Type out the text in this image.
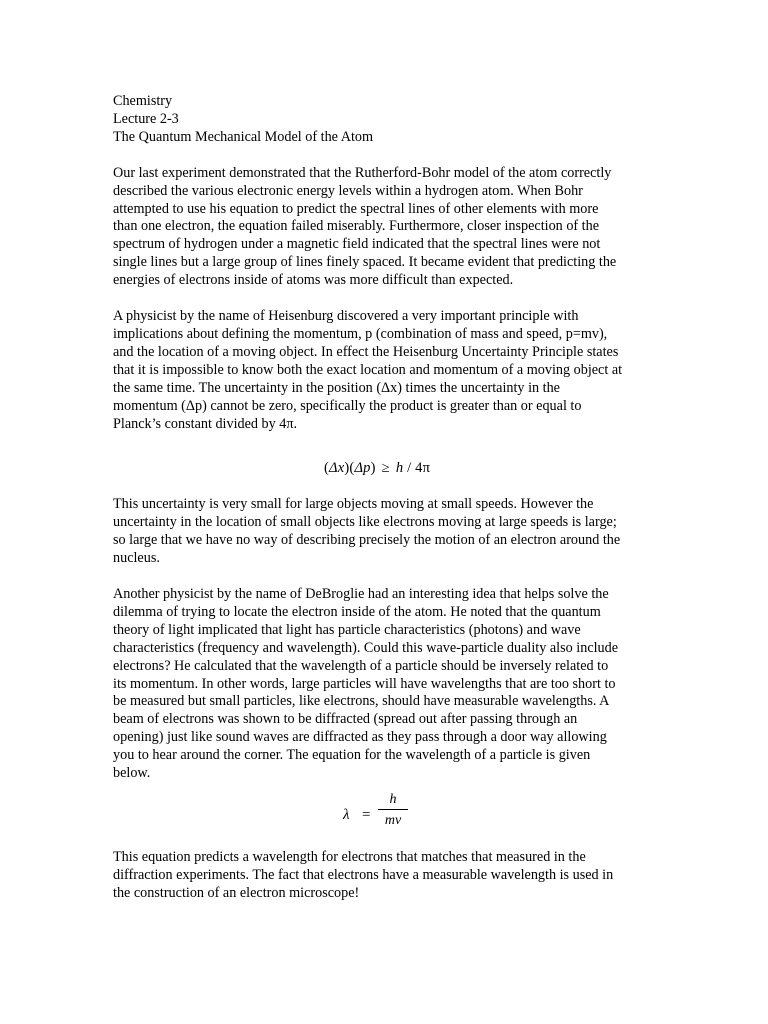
Chemistry
Lecture 2-3
The Quantum Mechanical Model of the Atom

Our last experiment demonstrated that the Rutherford-Bohr model of the atom correctly
described the various electronic energy levels within a hydrogen atom. When Bohr
attempted to use his equation to predict the spectral lines of other elements with more
than one electron, the equation failed miserably. Furthermore, closer inspection of the
spectrum of hydrogen under a magnetic field indicated that the spectral lines were not
single lines but a large group of lines finely spaced. It became evident that predicting the
energies of electrons inside of atoms was more difficult than expected.

A physicist by the name of Heisenburg discovered a very important principle with
implications about defining the momentum, p (combination of mass and speed, p=mv),
and the location of a moving object. In effect the Heisenburg Uncertainty Principle states
that it is impossible to know both the exact location and momentum of a moving object at
the same time. The uncertainty in the position (Δx) times the uncertainty in the
momentum (Δp) cannot be zero, specifically the product is greater than or equal to
Planck’s constant divided by 4π.

(Δx)(Δp) ≥ h / 4π

This uncertainty is very small for large objects moving at small speeds. However the
uncertainty in the location of small objects like electrons moving at large speeds is large;
so large that we have no way of describing precisely the motion of an electron around the
nucleus.

Another physicist by the name of DeBroglie had an interesting idea that helps solve the
dilemma of trying to locate the electron inside of the atom. He noted that the quantum
theory of light implicated that light has particle characteristics (photons) and wave
characteristics (frequency and wavelength). Could this wave-particle duality also include
electrons? He calculated that the wavelength of a particle should be inversely related to
its momentum. In other words, large particles will have wavelengths that are too short to
be measured but small particles, like electrons, should have measurable wavelengths. A
beam of electrons was shown to be diffracted (spread out after passing through an
opening) just like sound waves are diffracted as they pass through a door way allowing
you to hear around the corner. The equation for the wavelength of a particle is given
below.

λ =
h
mv

This equation predicts a wavelength for electrons that matches that measured in the
diffraction experiments. The fact that electrons have a measurable wavelength is used in
the construction of an electron microscope!
